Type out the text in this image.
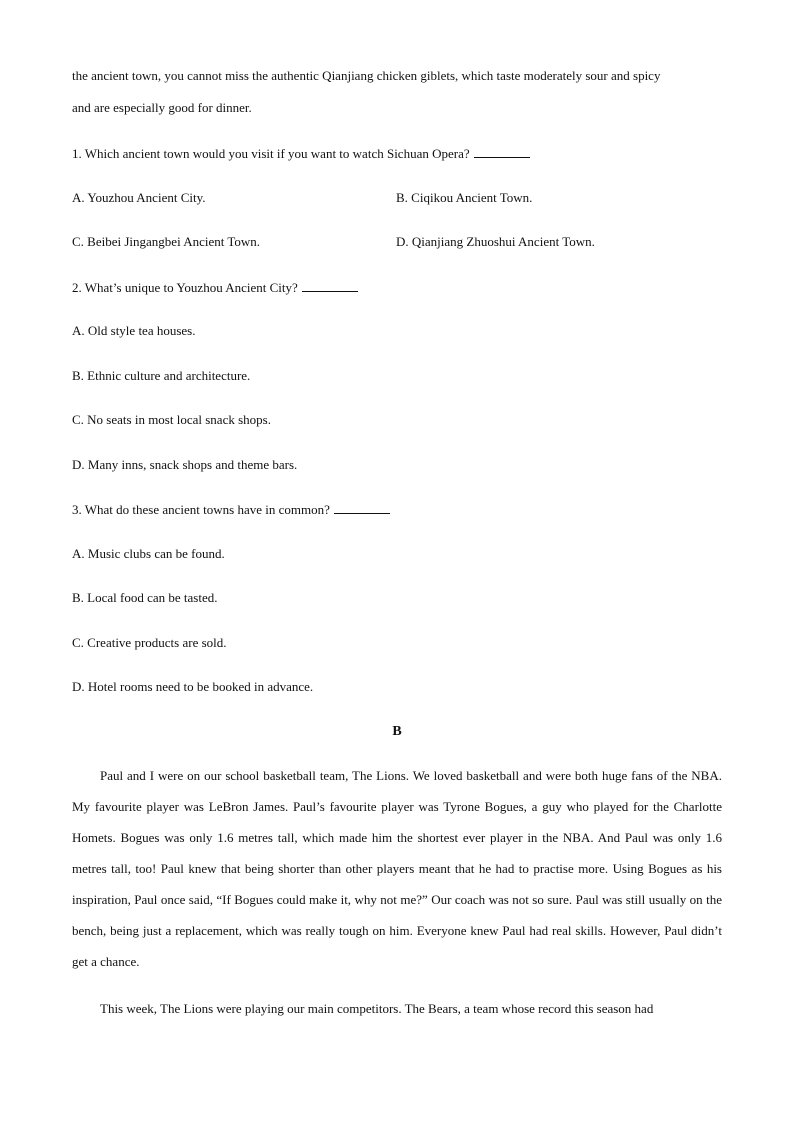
the ancient town, you cannot miss the authentic Qianjiang chicken giblets, which taste moderately sour and spicy
and are especially good for dinner.
1. Which ancient town would you visit if you want to watch Sichuan Opera?
A. Youzhou Ancient City.	B. Ciqikou Ancient Town.
C. Beibei Jingangbei Ancient Town.	D. Qianjiang Zhuoshui Ancient Town.
2. What’s unique to Youzhou Ancient City?
A. Old style tea houses.
B. Ethnic culture and architecture.
C. No seats in most local snack shops.
D. Many inns, snack shops and theme bars.
3. What do these ancient towns have in common?
A. Music clubs can be found.
B. Local food can be tasted.
C. Creative products are sold.
D. Hotel rooms need to be booked in advance.
B

Paul and I were on our school basketball team, The Lions. We loved basketball and were both huge fans of the NBA. My favourite player was LeBron James. Paul’s favourite player was Tyrone Bogues, a guy who played for the Charlotte Homets. Bogues was only 1.6 metres tall, which made him the shortest ever player in the NBA. And Paul was only 1.6 metres tall, too! Paul knew that being shorter than other players meant that he had to practise more. Using Bogues as his inspiration, Paul once said, “If Bogues could make it, why not me?” Our coach was not so sure. Paul was still usually on the bench, being just a replacement, which was really tough on him. Everyone knew Paul had real skills. However, Paul didn’t get a chance.

This week, The Lions were playing our main competitors. The Bears, a team whose record this season had
